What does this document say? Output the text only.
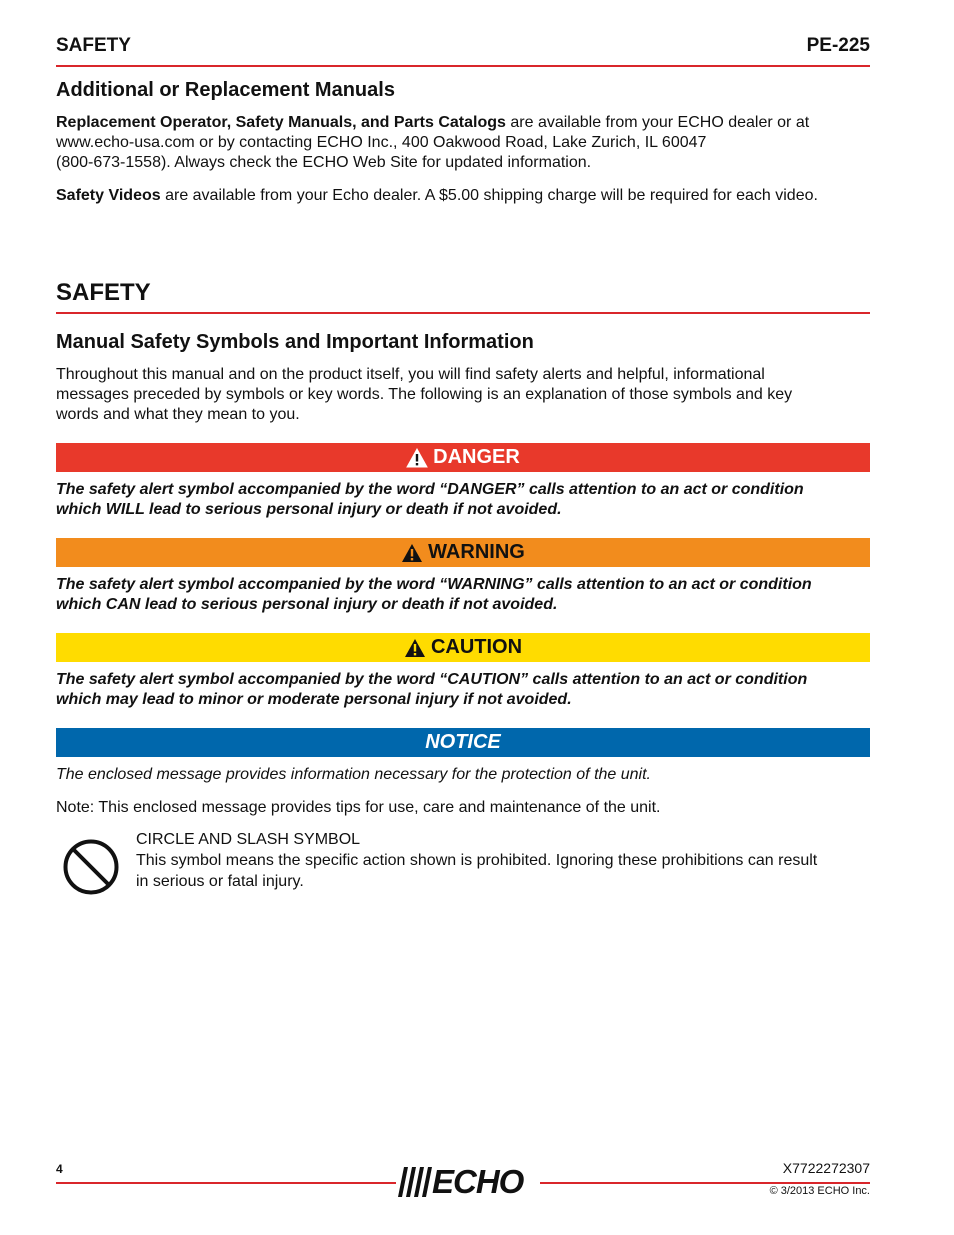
SAFETY	PE-225
Additional or Replacement Manuals

Replacement Operator, Safety Manuals, and Parts Catalogs are available from your ECHO dealer or at
www.echo-usa.com or by contacting ECHO Inc., 400 Oakwood Road, Lake Zurich, IL 60047
(800-673-1558). Always check the ECHO Web Site for updated information.

Safety Videos are available from your Echo dealer. A $5.00 shipping charge will be required for each video.

SAFETY
Manual Safety Symbols and Important Information

Throughout this manual and on the product itself, you will find safety alerts and helpful, informational
messages preceded by symbols or key words. The following is an explanation of those symbols and key
words and what they mean to you.

DANGER

The safety alert symbol accompanied by the word “DANGER” calls attention to an act or condition
which WILL lead to serious personal injury or death if not avoided.

WARNING

The safety alert symbol accompanied by the word “WARNING” calls attention to an act or condition
which CAN lead to serious personal injury or death if not avoided.

CAUTION

The safety alert symbol accompanied by the word “CAUTION” calls attention to an act or condition
which may lead to minor or moderate personal injury if not avoided.

NOTICE

The enclosed message provides information necessary for the protection of the unit.

Note: This enclosed message provides tips for use, care and maintenance of the unit.

CIRCLE AND SLASH SYMBOL
This symbol means the specific action shown is prohibited. Ignoring these prohibitions can result
in serious or fatal injury.

4	X7722272307
ECHO	© 3/2013 ECHO Inc.
